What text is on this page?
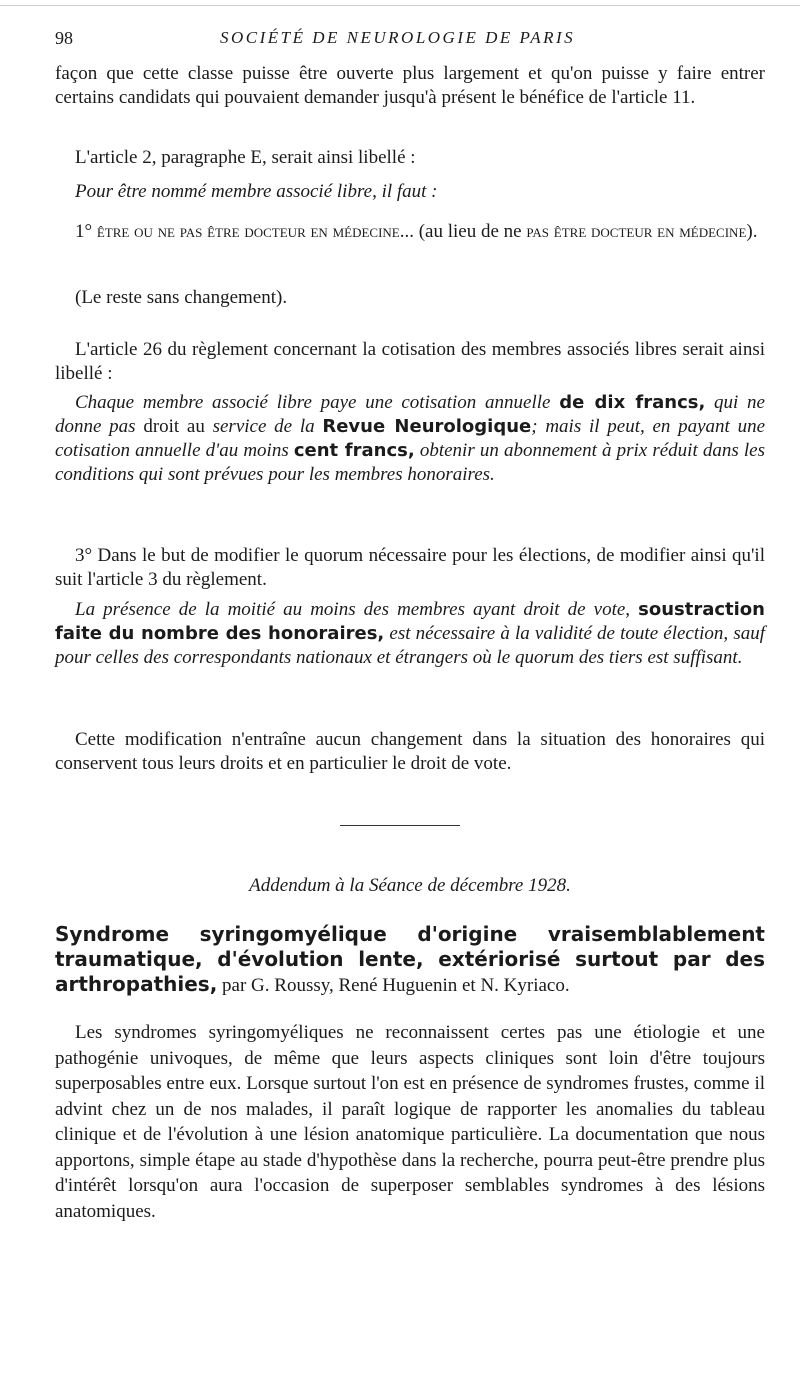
98	SOCIÉTÉ DE NEUROLOGIE DE PARIS

façon que cette classe puisse être ouverte plus largement et qu'on puisse y faire entrer certains candidats qui pouvaient demander jusqu'à présent le bénéfice de l'article 11.

L'article 2, paragraphe E, serait ainsi libellé :

Pour être nommé membre associé libre, il faut :

1° être ou ne pas être docteur en médecine... (au lieu de ne pas être docteur en médecine).

(Le reste sans changement).

L'article 26 du règlement concernant la cotisation des membres associés libres serait ainsi libellé :

Chaque membre associé libre paye une cotisation annuelle de dix francs, qui ne donne pas droit au service de la Revue Neurologique; mais il peut, en payant une cotisation annuelle d'au moins cent francs, obtenir un abonnement à prix réduit dans les conditions qui sont prévues pour les membres honoraires.

3° Dans le but de modifier le quorum nécessaire pour les élections, de modifier ainsi qu'il suit l'article 3 du règlement.

La présence de la moitié au moins des membres ayant droit de vote, soustraction faite du nombre des honoraires, est nécessaire à la validité de toute élection, sauf pour celles des correspondants nationaux et étrangers où le quorum des tiers est suffisant.

Cette modification n'entraîne aucun changement dans la situation des honoraires qui conservent tous leurs droits et en particulier le droit de vote.

Addendum à la Séance de décembre 1928.

Syndrome syringomyélique d'origine vraisemblablement traumatique, d'évolution lente, extériorisé surtout par des arthropathies, par G. Roussy, René Huguenin et N. Kyriaco.

Les syndromes syringomyéliques ne reconnaissent certes pas une étiologie et une pathogénie univoques, de même que leurs aspects cliniques sont loin d'être toujours superposables entre eux. Lorsque surtout l'on est en présence de syndromes frustes, comme il advint chez un de nos malades, il paraît logique de rapporter les anomalies du tableau clinique et de l'évolution à une lésion anatomique particulière. La documentation que nous apportons, simple étape au stade d'hypothèse dans la recherche, pourra peut-être prendre plus d'intérêt lorsqu'on aura l'occasion de superposer semblables syndromes à des lésions anatomiques.
